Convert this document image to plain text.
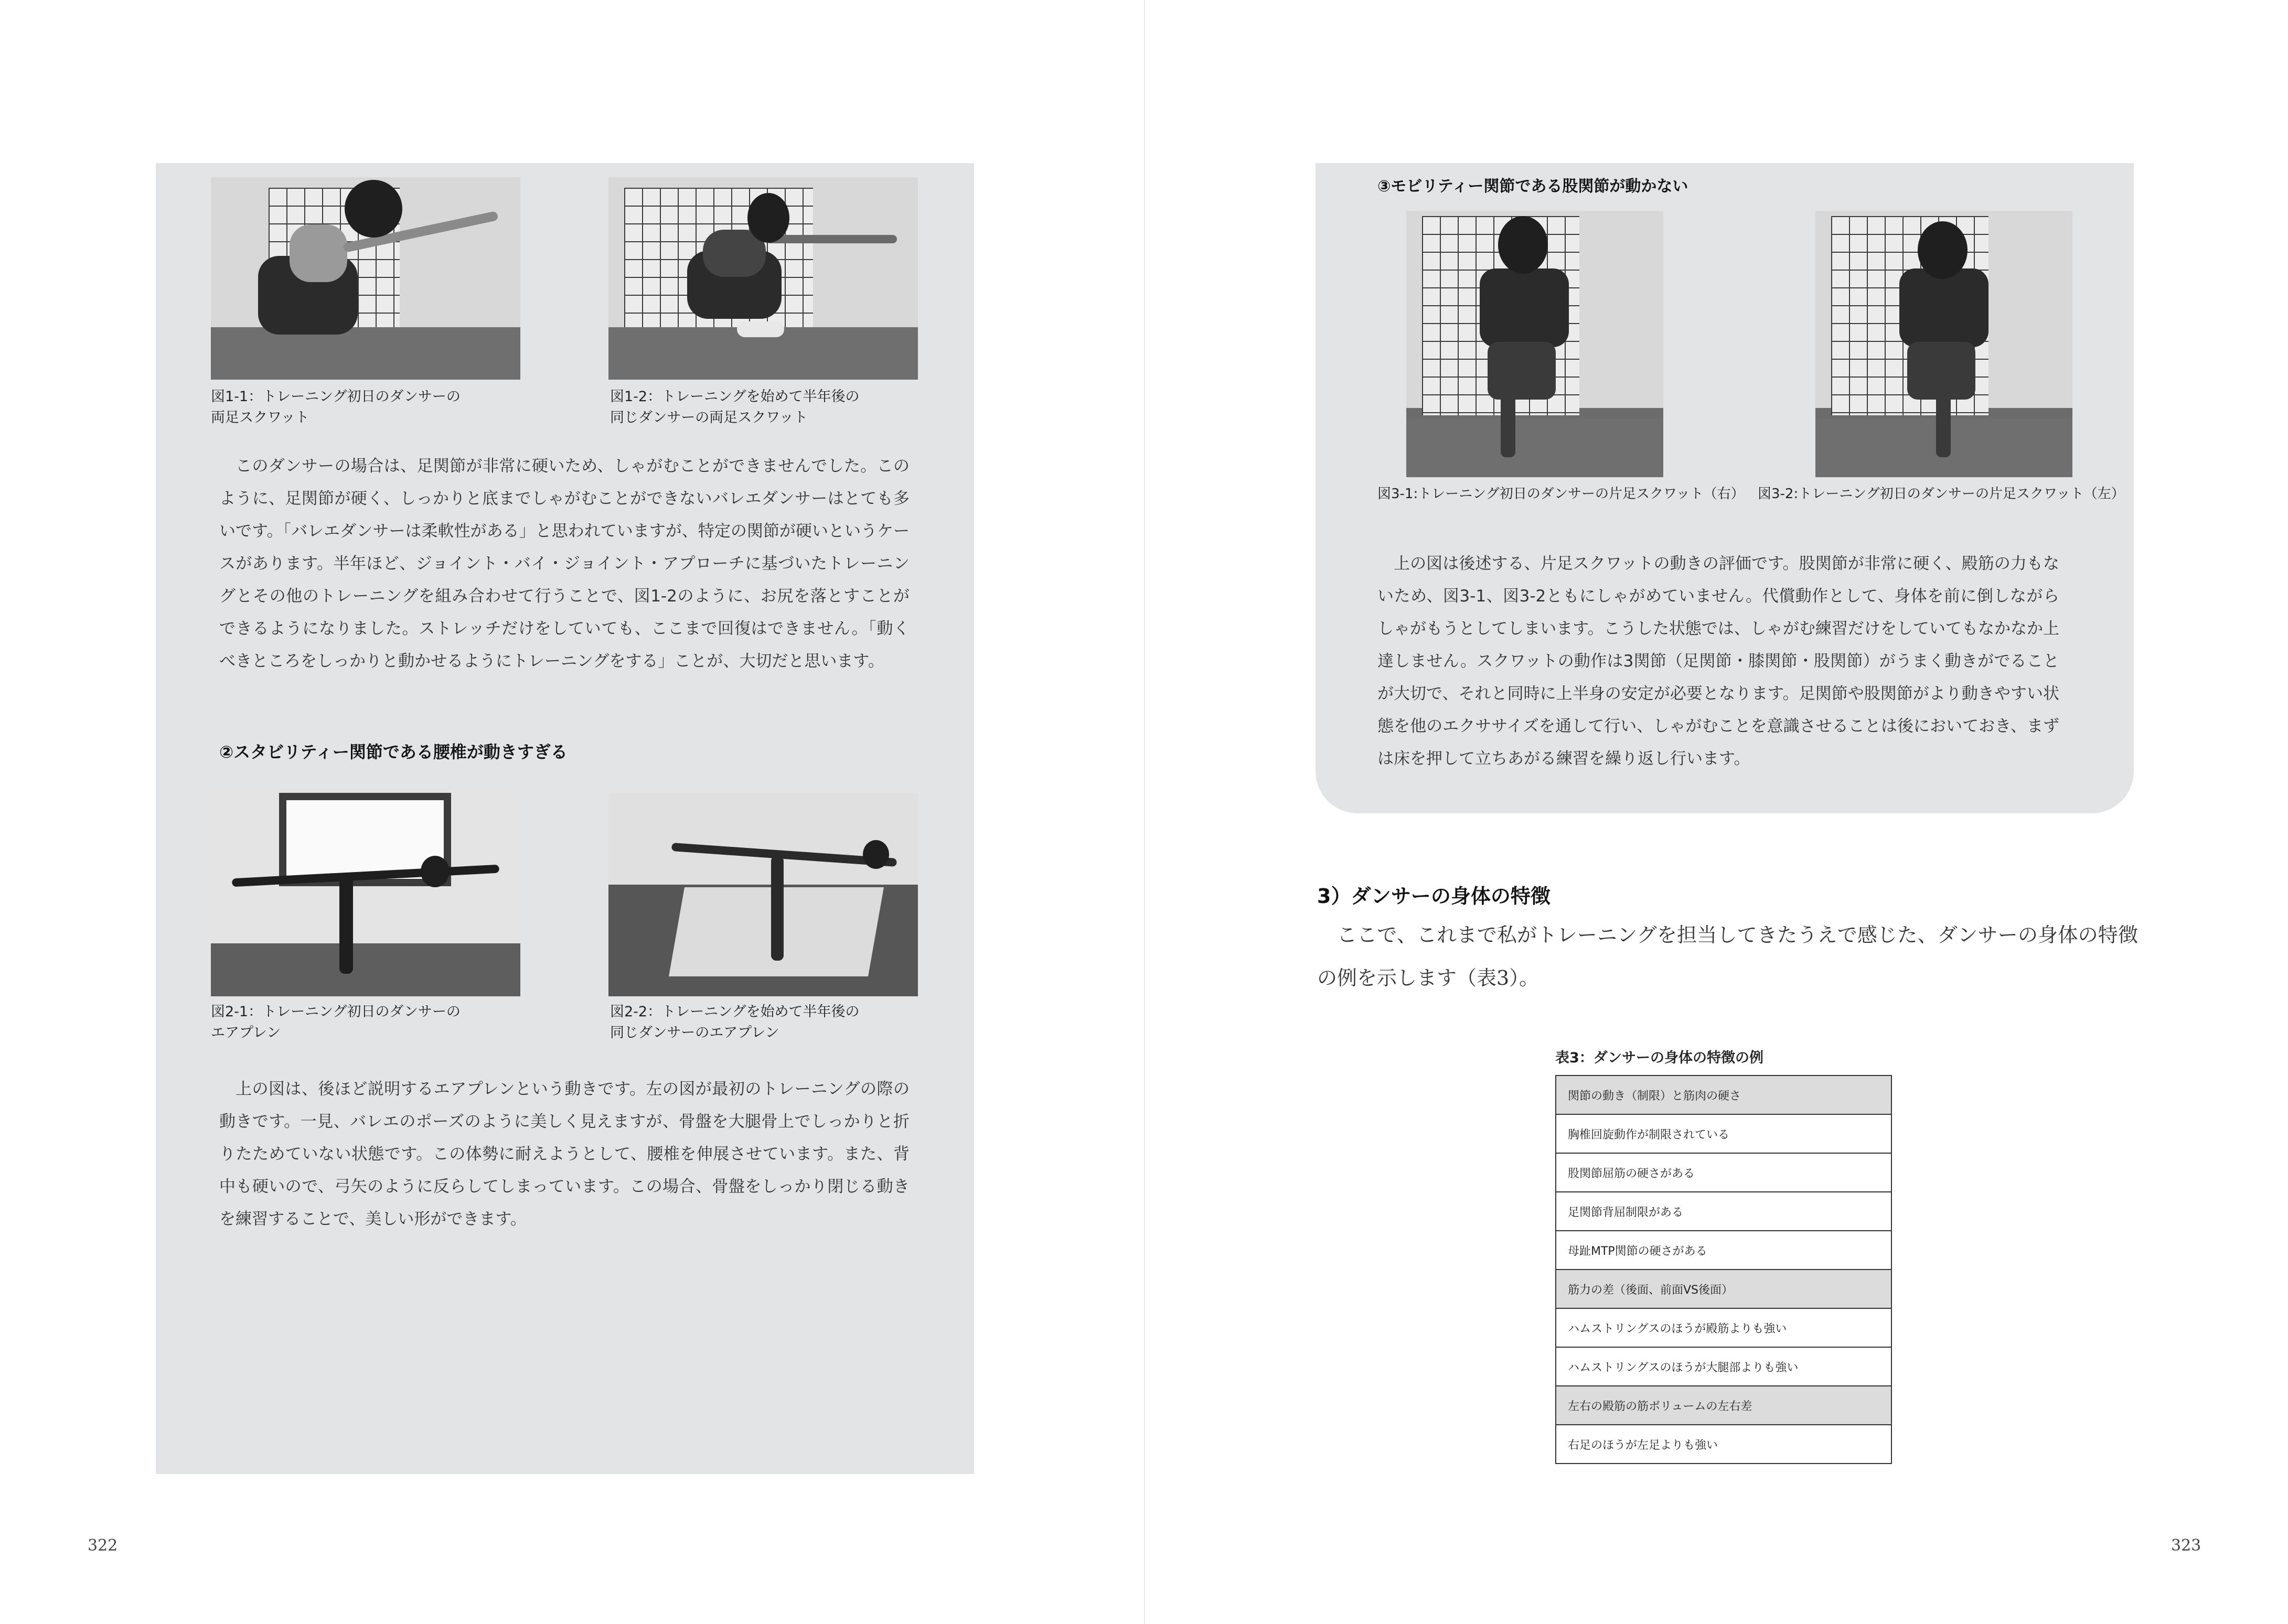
図1-1：トレーニング初日のダンサーの
両足スクワット
図1-2：トレーニングを始めて半年後の
同じダンサーの両足スクワット
このダンサーの場合は、足関節が非常に硬いため、しゃがむことができませんでした。このように、足関節が硬く、しっかりと底までしゃがむことができないバレエダンサーはとても多いです。「バレエダンサーは柔軟性がある」と思われていますが、特定の関節が硬いというケースがあります。半年ほど、ジョイント・バイ・ジョイント・アプローチに基づいたトレーニングとその他のトレーニングを組み合わせて行うことで、図1-2のように、お尻を落とすことができるようになりました。ストレッチだけをしていても、ここまで回復はできません。「動くべきところをしっかりと動かせるようにトレーニングをする」ことが、大切だと思います。
②スタビリティー関節である腰椎が動きすぎる
図2-1：トレーニング初日のダンサーの
エアプレン
図2-2：トレーニングを始めて半年後の
同じダンサーのエアプレン
上の図は、後ほど説明するエアプレンという動きです。左の図が最初のトレーニングの際の動きです。一見、バレエのポーズのように美しく見えますが、骨盤を大腿骨上でしっかりと折りたためていない状態です。この体勢に耐えようとして、腰椎を伸展させています。また、背中も硬いので、弓矢のように反らしてしまっています。この場合、骨盤をしっかり閉じる動きを練習することで、美しい形ができます。
322
③モビリティー関節である股関節が動かない
図3-1:トレーニング初日のダンサーの片足スクワット（右） 図3-2:トレーニング初日のダンサーの片足スクワット（左）
上の図は後述する、片足スクワットの動きの評価です。股関節が非常に硬く、殿筋の力もないため、図3-1、図3-2ともにしゃがめていません。代償動作として、身体を前に倒しながらしゃがもうとしてしまいます。こうした状態では、しゃがむ練習だけをしていてもなかなか上達しません。スクワットの動作は3関節（足関節・膝関節・股関節）がうまく動きがでることが大切で、それと同時に上半身の安定が必要となります。足関節や股関節がより動きやすい状態を他のエクササイズを通して行い、しゃがむことを意識させることは後においておき、まずは床を押して立ちあがる練習を繰り返し行います。
3）ダンサーの身体の特徴
ここで、これまで私がトレーニングを担当してきたうえで感じた、ダンサーの身体の特徴の例を示します（表3）。
表3：ダンサーの身体の特徴の例
関節の動き（制限）と筋肉の硬さ
胸椎回旋動作が制限されている
股関節屈筋の硬さがある
足関節背屈制限がある
母趾MTP関節の硬さがある
筋力の差（後面、前面VS後面）
ハムストリングスのほうが殿筋よりも強い
ハムストリングスのほうが大腿部よりも強い
左右の殿筋の筋ボリュームの左右差
右足のほうが左足よりも強い
323
